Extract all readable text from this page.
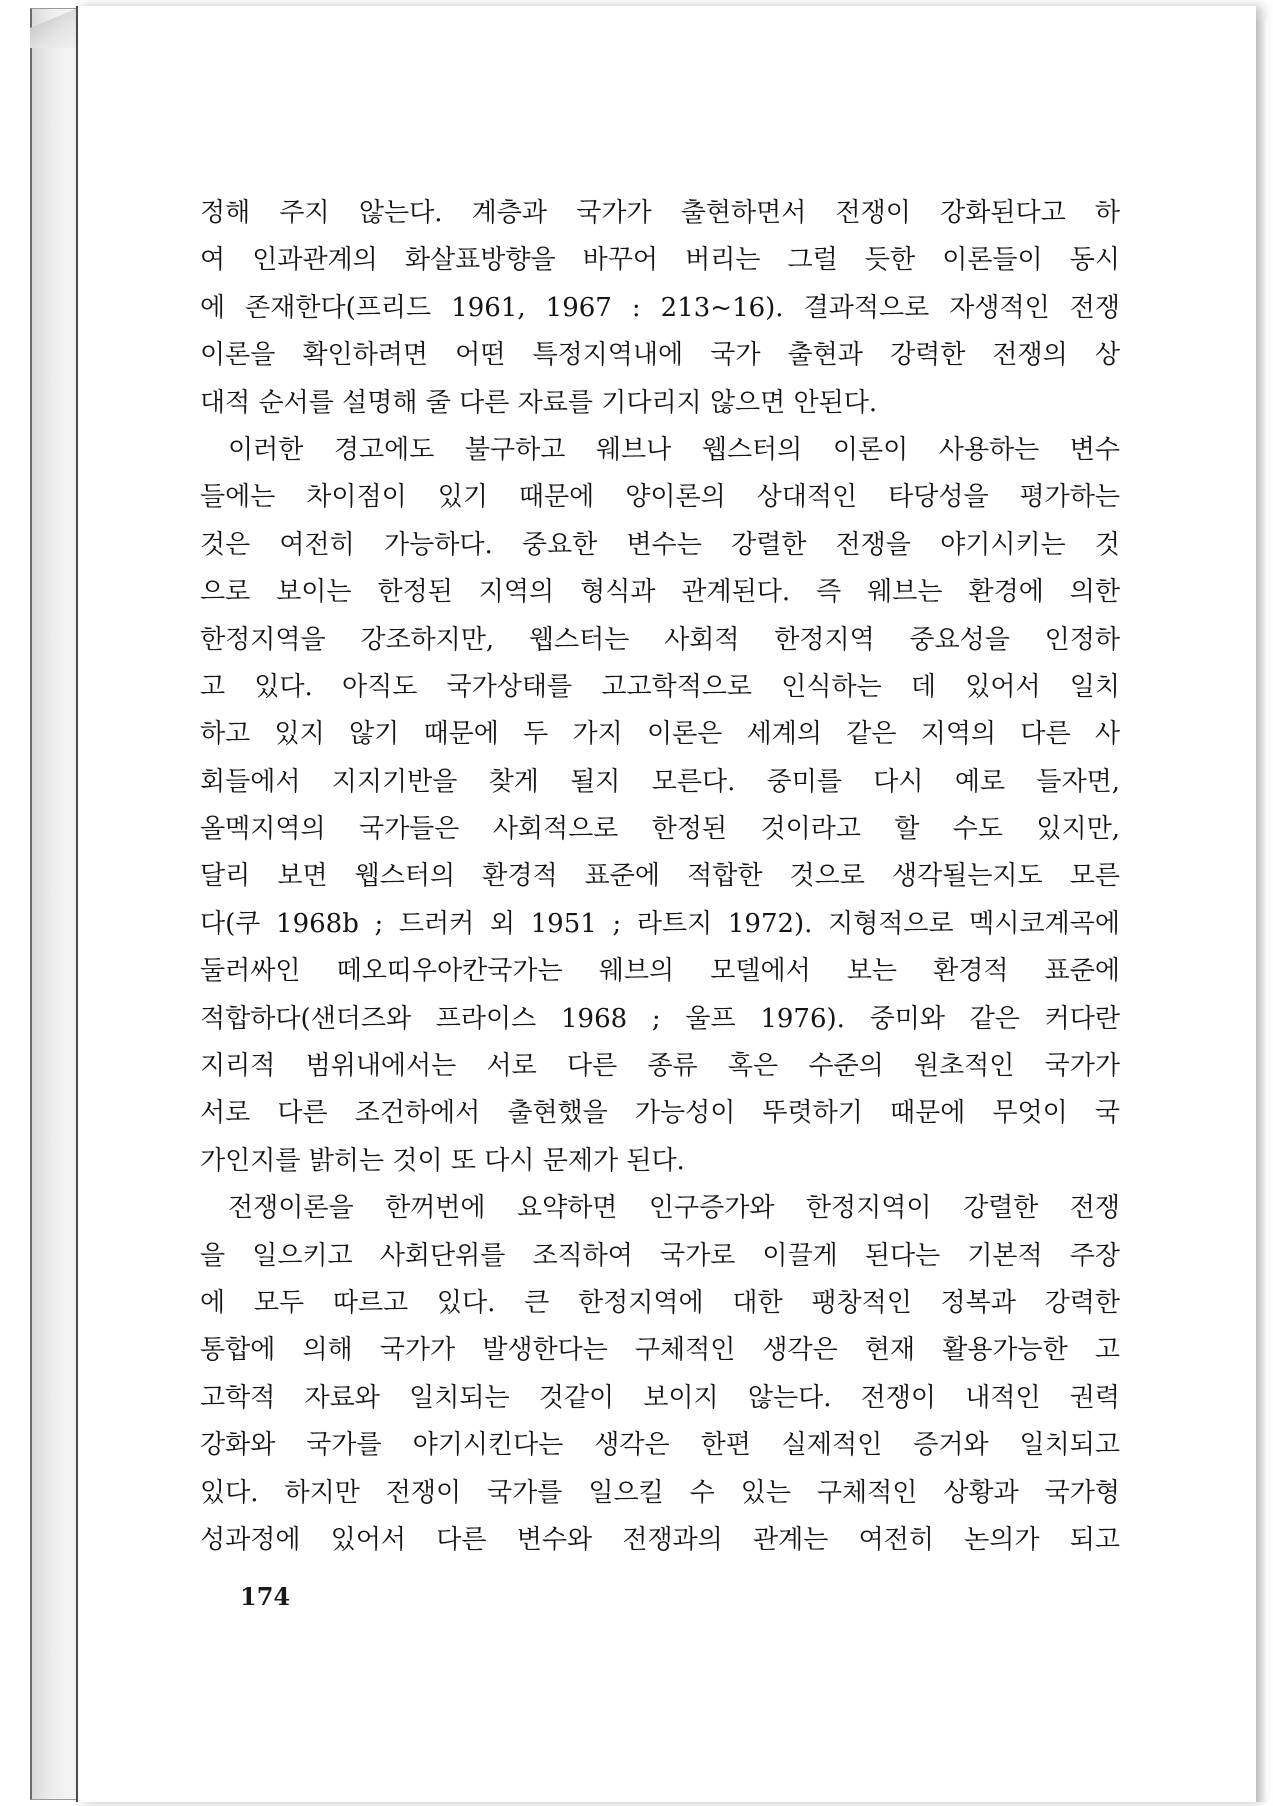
정해 주지 않는다. 계층과 국가가 출현하면서 전쟁이 강화된다고 하
여 인과관계의 화살표방향을 바꾸어 버리는 그럴 듯한 이론들이 동시
에 존재한다(프리드 1961, 1967 : 213~16). 결과적으로 자생적인 전쟁
이론을 확인하려면 어떤 특정지역내에 국가 출현과 강력한 전쟁의 상
대적 순서를 설명해 줄 다른 자료를 기다리지 않으면 안된다.
이러한 경고에도 불구하고 웨브나 웹스터의 이론이 사용하는 변수
들에는 차이점이 있기 때문에 양이론의 상대적인 타당성을 평가하는
것은 여전히 가능하다. 중요한 변수는 강렬한 전쟁을 야기시키는 것
으로 보이는 한정된 지역의 형식과 관계된다. 즉 웨브는 환경에 의한
한정지역을 강조하지만, 웹스터는 사회적 한정지역 중요성을 인정하
고 있다. 아직도 국가상태를 고고학적으로 인식하는 데 있어서 일치
하고 있지 않기 때문에 두 가지 이론은 세계의 같은 지역의 다른 사
회들에서 지지기반을 찾게 될지 모른다. 중미를 다시 예로 들자면,
올멕지역의 국가들은 사회적으로 한정된 것이라고 할 수도 있지만,
달리 보면 웹스터의 환경적 표준에 적합한 것으로 생각될는지도 모른
다(쿠 1968b ; 드러커 외 1951 ; 라트지 1972). 지형적으로 멕시코계곡에
둘러싸인 떼오띠우아칸국가는 웨브의 모델에서 보는 환경적 표준에
적합하다(샌더즈와 프라이스 1968 ; 울프 1976). 중미와 같은 커다란
지리적 범위내에서는 서로 다른 종류 혹은 수준의 원초적인 국가가
서로 다른 조건하에서 출현했을 가능성이 뚜렷하기 때문에 무엇이 국
가인지를 밝히는 것이 또 다시 문제가 된다.
전쟁이론을 한꺼번에 요약하면 인구증가와 한정지역이 강렬한 전쟁
을 일으키고 사회단위를 조직하여 국가로 이끌게 된다는 기본적 주장
에 모두 따르고 있다. 큰 한정지역에 대한 팽창적인 정복과 강력한
통합에 의해 국가가 발생한다는 구체적인 생각은 현재 활용가능한 고
고학적 자료와 일치되는 것같이 보이지 않는다. 전쟁이 내적인 권력
강화와 국가를 야기시킨다는 생각은 한편 실제적인 증거와 일치되고
있다. 하지만 전쟁이 국가를 일으킬 수 있는 구체적인 상황과 국가형
성과정에 있어서 다른 변수와 전쟁과의 관계는 여전히 논의가 되고
174
